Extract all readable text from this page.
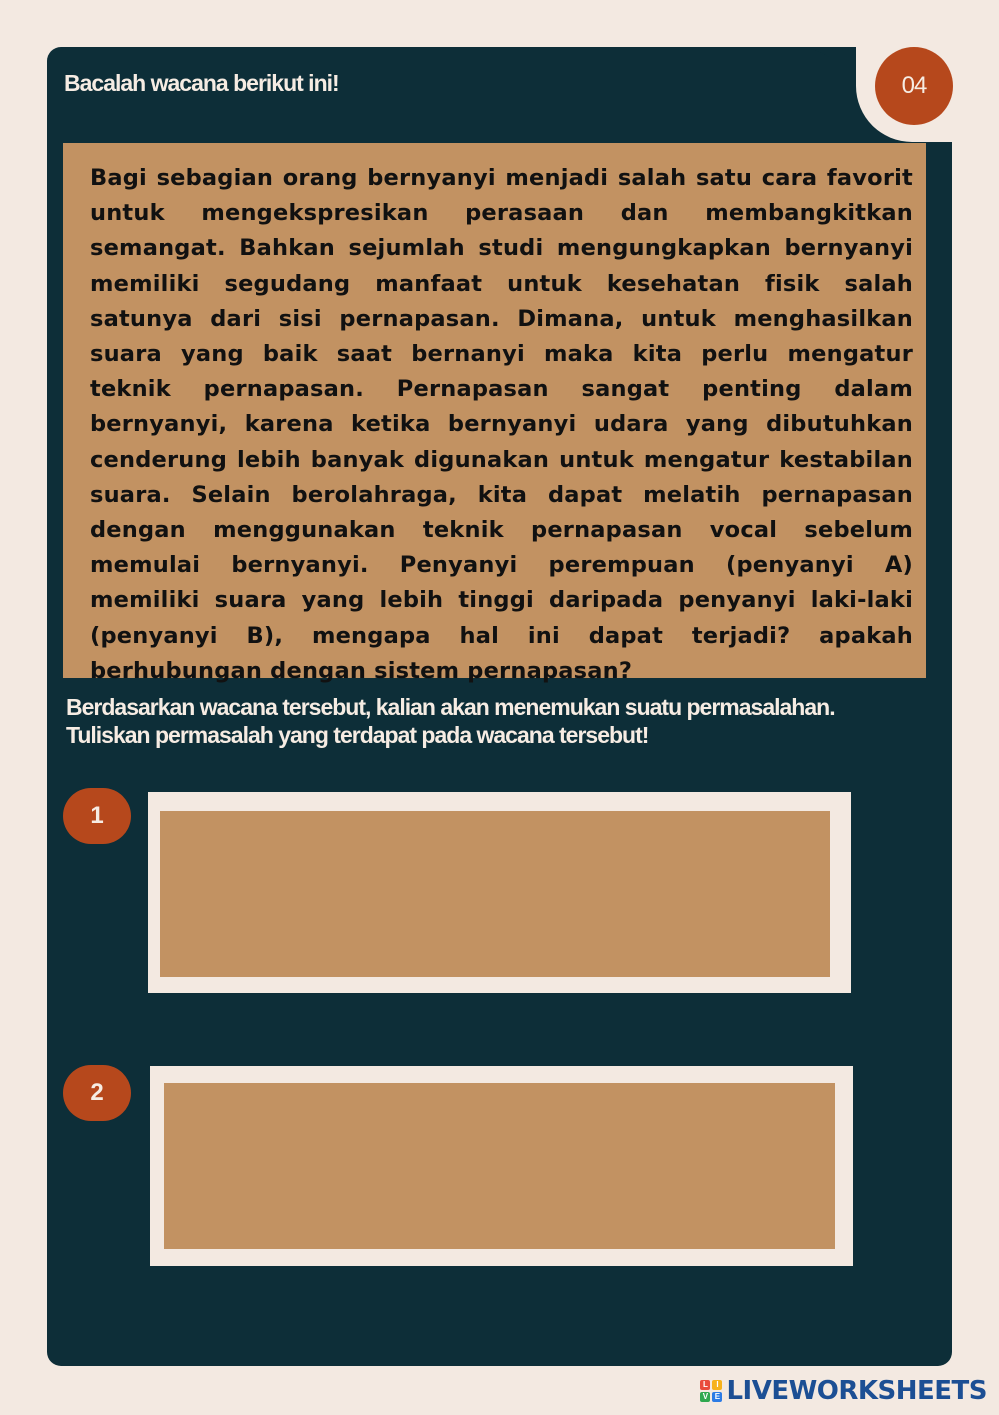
04
Bacalah wacana berikut ini!

Bagi sebagian orang bernyanyi menjadi salah satu cara favorit untuk mengekspresikan perasaan dan membangkitkan semangat. Bahkan sejumlah studi mengungkapkan bernyanyi memiliki segudang manfaat untuk kesehatan fisik salah satunya dari sisi pernapasan. Dimana, untuk menghasilkan suara yang baik saat bernanyi maka kita perlu mengatur teknik pernapasan. Pernapasan sangat penting dalam bernyanyi, karena ketika bernyanyi udara yang dibutuhkan cenderung lebih banyak digunakan untuk mengatur kestabilan suara. Selain berolahraga, kita dapat melatih pernapasan dengan menggunakan teknik pernapasan vocal sebelum memulai bernyanyi. Penyanyi perempuan (penyanyi A) memiliki suara yang lebih tinggi daripada penyanyi laki-laki (penyanyi B), mengapa hal ini dapat terjadi? apakah berhubungan dengan sistem pernapasan?

Berdasarkan wacana tersebut, kalian akan menemukan suatu permasalahan.
Tuliskan permasalah yang terdapat pada wacana tersebut!
1
2
L	I
V E LIVEWORKSHEETS
